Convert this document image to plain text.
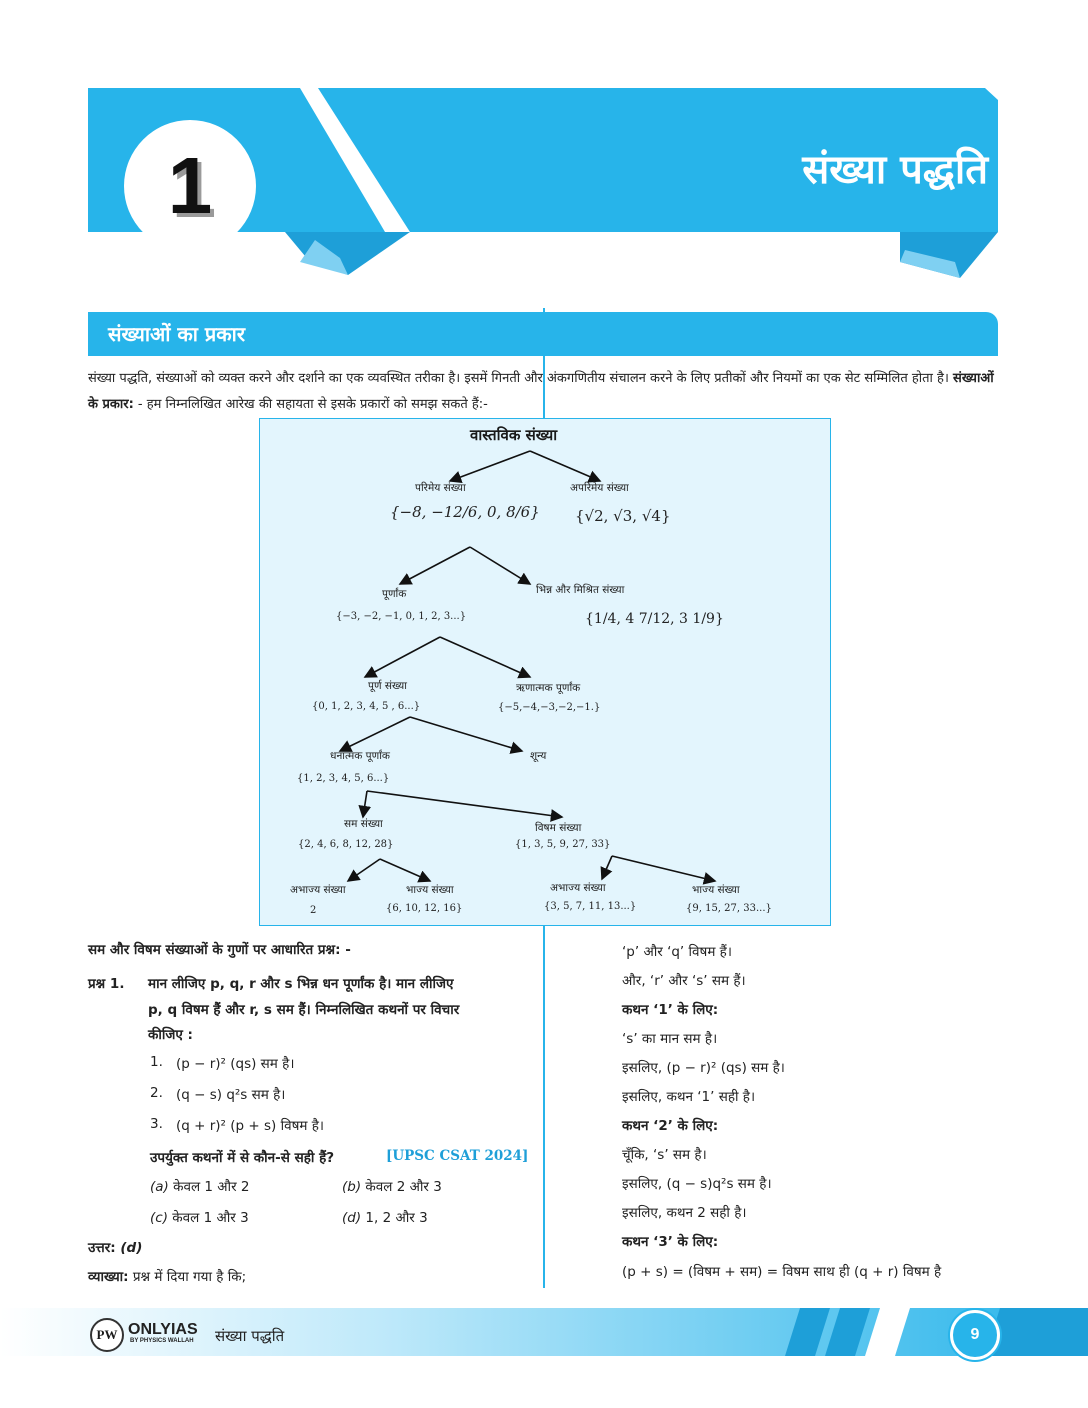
1	संख्या पद्धति
संख्याओं का प्रकार
संख्या पद्धति, संख्याओं को व्यक्त करने और दर्शाने का एक व्यवस्थित तरीका है। इसमें गिनती और अंकगणितीय संचालन करने के लिए प्रतीकों और नियमों का एक सेट सम्मिलित होता है। संख्याओं के प्रकार: - हम निम्नलिखित आरेख की सहायता से इसके प्रकारों को समझ सकते हैं:-
वास्तविक संख्या
परिमेय संख्या
{−8, −12/6, 0, 8/6}
अपरिमेय संख्या
{√2, √3, √4}
पूर्णांक
{−3, −2, −1, 0, 1, 2, 3...}
भिन्न और मिश्रित संख्या
{1/4, 4 7/12, 3 1/9}
पूर्ण संख्या
{0, 1, 2, 3, 4, 5 , 6...}
ऋणात्मक पूर्णांक
{−5,−4,−3,−2,−1.}
धनात्मक पूर्णांक
{1, 2, 3, 4, 5, 6...}
शून्य
सम संख्या
{2, 4, 6, 8, 12, 28}
विषम संख्या
{1, 3, 5, 9, 27, 33}
अभाज्य संख्या
2
भाज्य संख्या
{6, 10, 12, 16}
अभाज्य संख्या
{3, 5, 7, 11, 13...}
भाज्य संख्या
{9, 15, 27, 33...}
सम और विषम संख्याओं के गुणों पर आधारित प्रश्न: -
प्रश्न 1. मान लीजिए p, q, r और s भिन्न धन पूर्णांक है। मान लीजिए
p, q विषम हैं और r, s सम हैं। निम्नलिखित कथनों पर विचार
कीजिए :
1. (p − r)² (qs) सम है।
2. (q − s) q²s सम है।
3. (q + r)² (p + s) विषम है।
उपर्युक्त कथनों में से कौन-से सही हैं?	[UPSC CSAT 2024]
(a) केवल 1 और 2	(b) केवल 2 और 3
(c) केवल 1 और 3	(d) 1, 2 और 3
उत्तर: (d)
व्याख्या: प्रश्न में दिया गया है कि;
‘p’ और ‘q’ विषम हैं।
और, ‘r’ और ‘s’ सम हैं।
कथन ‘1’ के लिए:
‘s’ का मान सम है।
इसलिए, (p − r)² (qs) सम है।
इसलिए, कथन ‘1’ सही है।
कथन ‘2’ के लिए:
चूँकि, ‘s’ सम है।
इसलिए, (q − s)q²s सम है।
इसलिए, कथन 2 सही है।
कथन ‘3’ के लिए:
(p + s) = (विषम + सम) = विषम साथ ही (q + r) विषम है
PW ONLYIAS
BY PHYSICS WALLAH संख्या पद्धति	9
